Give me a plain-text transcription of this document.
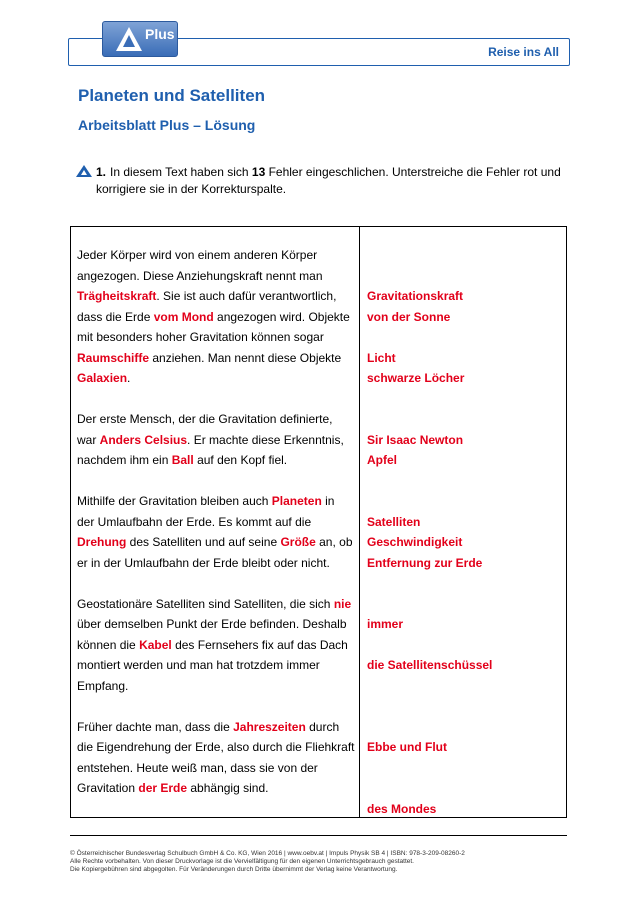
Reise ins All
Plus
Planeten und Satelliten
Arbeitsblatt Plus – Lösung
1. In diesem Text haben sich 13 Fehler eingeschlichen. Unterstreiche die Fehler rot und
korrigiere sie in der Korrekturspalte.

Jeder Körper wird von einem anderen Körper angezogen. Diese Anziehungskraft nennt man Trägheitskraft. Sie ist auch dafür verantwortlich, dass die Erde vom Mond angezogen wird. Objekte mit besonders hoher Gravitation können sogar Raumschiffe anziehen. Man nennt diese Objekte Galaxien.

Der erste Mensch, der die Gravitation definierte, war Anders Celsius. Er machte diese Erkenntnis, nachdem ihm ein Ball auf den Kopf fiel.

Mithilfe der Gravitation bleiben auch Planeten in der Umlaufbahn der Erde. Es kommt auf die Drehung des Satelliten und auf seine Größe an, ob er in der Umlaufbahn der Erde bleibt oder nicht.

Geostationäre Satelliten sind Satelliten, die sich nie über demselben Punkt der Erde befinden. Deshalb können die Kabel des Fernsehers fix auf das Dach montiert werden und man hat trotzdem immer Empfang.

Früher dachte man, dass die Jahreszeiten durch die Eigendrehung der Erde, also durch die Fliehkraft entstehen. Heute weiß man, dass sie von der Gravitation der Erde abhängig sind.

Gravitationskraft
von der Sonne
Licht
schwarze Löcher
Sir Isaac Newton
Apfel
Satelliten
Geschwindigkeit
Entfernung zur Erde
immer
die Satellitenschüssel
Ebbe und Flut
des Mondes
© Österreichischer Bundesverlag Schulbuch GmbH & Co. KG, Wien 2016 | www.oebv.at | Impuls Physik SB 4 | ISBN: 978-3-209-08260-2
Alle Rechte vorbehalten. Von dieser Druckvorlage ist die Vervielfältigung für den eigenen Unterrichtsgebrauch gestattet.
Die Kopiergebühren sind abgegolten. Für Veränderungen durch Dritte übernimmt der Verlag keine Verantwortung.
